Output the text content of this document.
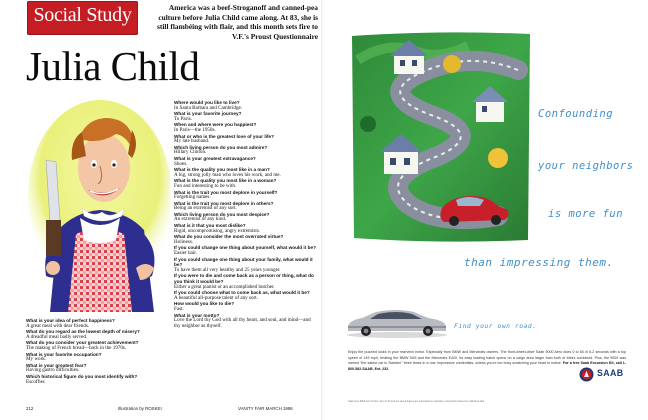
Social Study	America was a beef-Stroganoff and canned-pea culture before Julia Child came along. At 83, she is still flambéing with flair, and this month sets fire to V.F.'s Proust Questionnaire
Julia Child
What is your idea of perfect happiness?
A great meal with dear friends.
What do you regard as the lowest depth of misery?
A dreadful meal badly served.
What do you consider your greatest achievement?
The making of French bread—back in the 1970s.
What is your favorite occupation?
My work.
What is your greatest fear?
Having gastro difficulties.
Which historical figure do you most identify with?
Escoffier.
Where would you like to live?
In Santa Barbara and Cambridge.
What is your favorite journey?
To Paris.
When and where were you happiest?
In Paris—the 1950s.
What or who is the greatest love of your life?
My late husband.
Which living person do you most admire?
Hillary Clinton.
What is your greatest extravagance?
Shoes.
What is the quality you most like in a man?
A big, strong jolly man who loves his work, and me.
What is the quality you most like in a woman?
Fun and interesting to be with.
What is the trait you most deplore in yourself?
Forgetting names.
What is the trait you most deplore in others?
Being an extremist of any sort.
Which living person do you most despise?
An extremist of any kind.
What is it that you most dislike?
Rigid, uncompromising, angry extremists.
What do you consider the most overrated virtue?
Holiness.
If you could change one thing about yourself, what would it be?
Easier hair.
If you could change one thing about your family, what would it be?
To have them all very healthy and 25 years younger.
If you were to die and come back as a person or thing, what do you think it would be?
Either a great pianist or an accomplished butcher.
If you could choose what to come back as, what would it be?
A beautiful all-purpose talent of any sort.
How would you like to die?
Fast.
What is your motto?
Love the Lord thy God with all thy heart, and soul, and mind—and thy neighbor as thyself.
212	Illustration by ROSKEI	VANITY FAIR MARCH 1996
Confounding
your neighbors
is more fun
than impressing them.
Find your own road.
Enjoy the puzzled looks in your rearview mirror. Especially from BMW and Mercedes owners. The front-wheel-drive Saab 9000 Aero does 0 to 60 in 6.2 seconds with a top speed of 149 mph, beating the BMW 540i and the Mercedes E420. Its easy loading hatch opens on a cargo area larger than both of theirs combined. Plus, the 9000 was named "the safest car in Sweden" three times in a row. Impressive credentials, unless you're too busy scratching your head to notice. For a free Saab Excursion Kit, call 1-800-582-SAAB, Ext. 232.
Saab Aero 9000 Aero 5-door. Zero to 60 and top speed figures are manufacturer estimates; comparison based on published data.
SAAB
